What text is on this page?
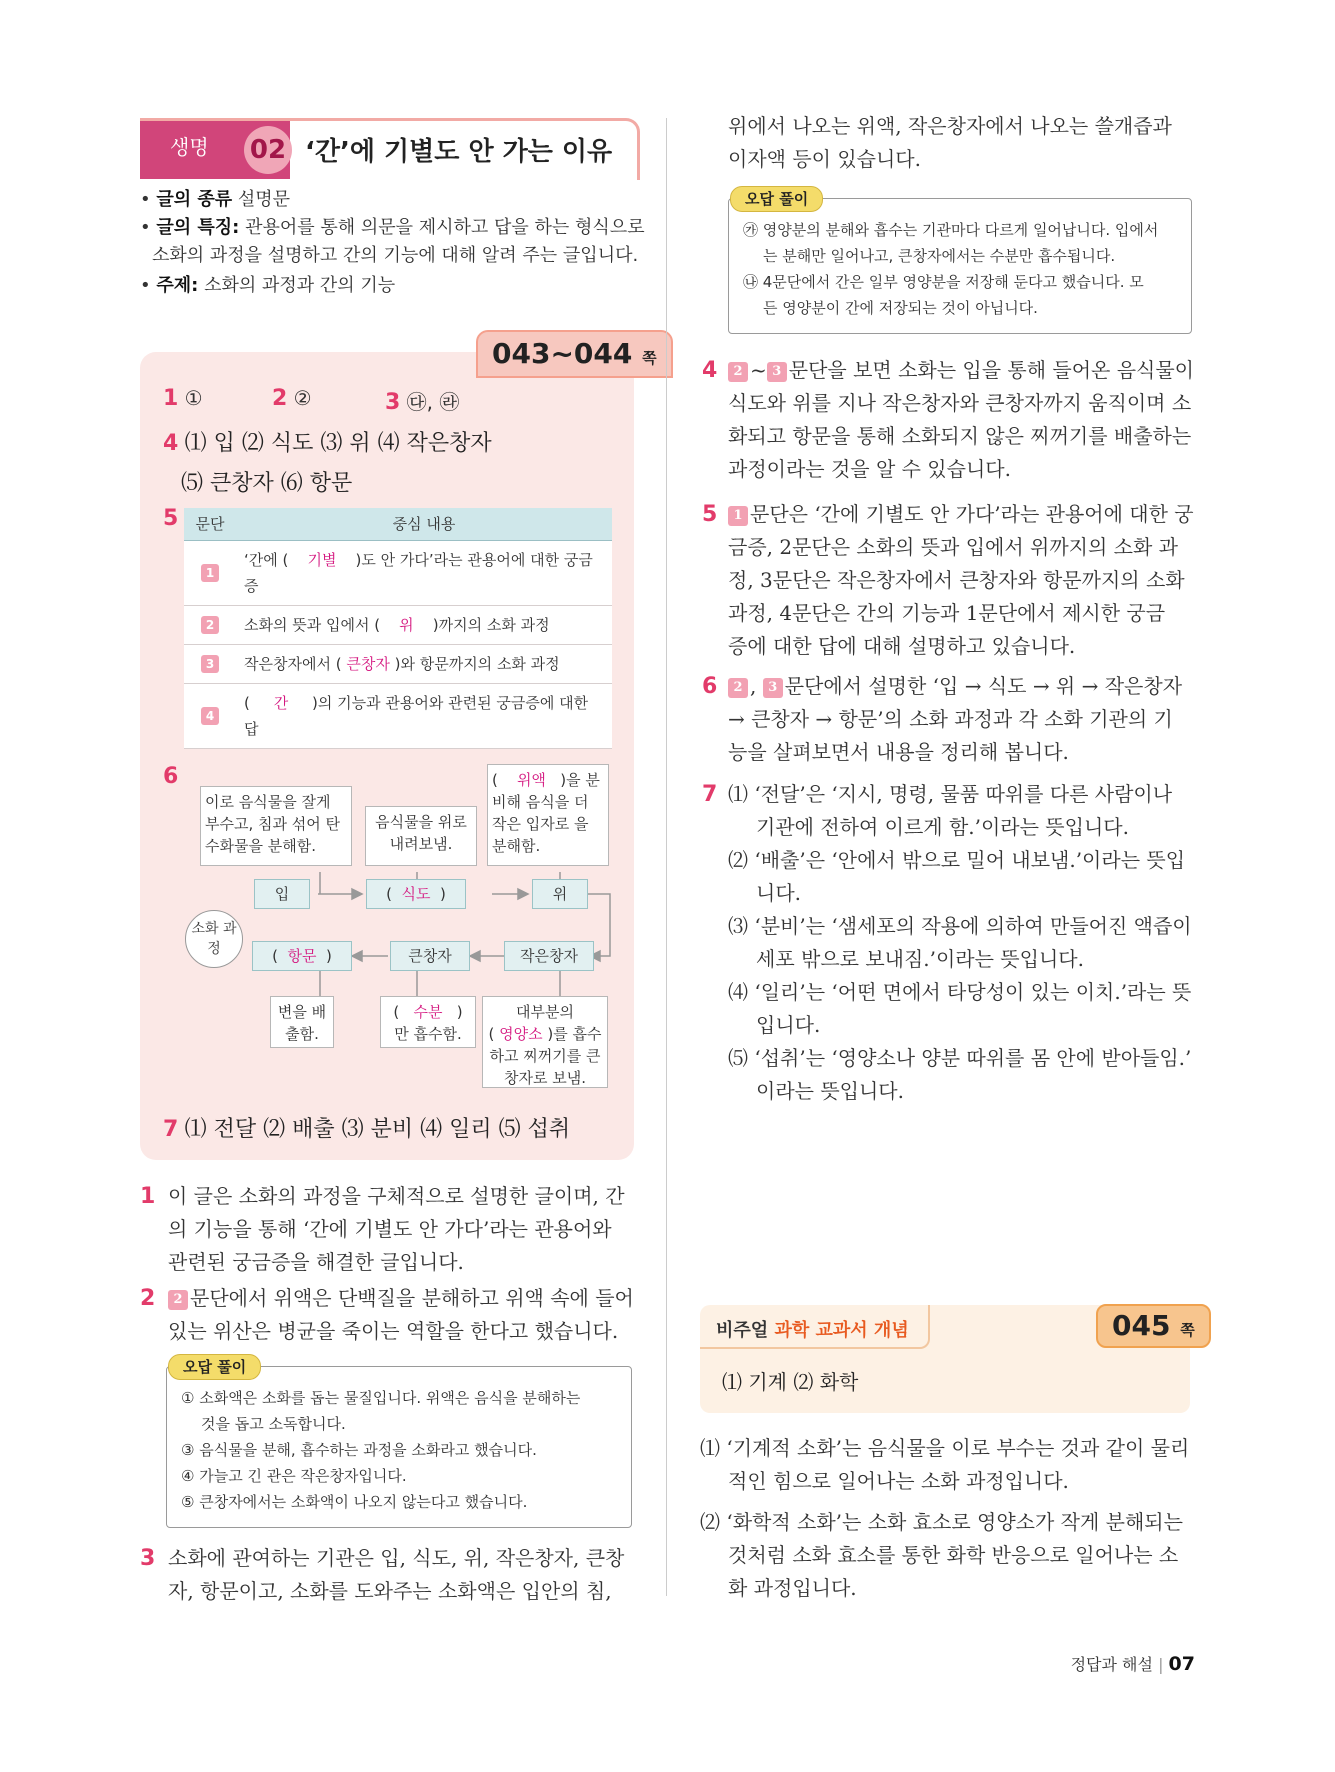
생명	02 ‘간’에 기별도 안 가는 이유
• 글의 종류 설명문
• 글의 특징: 관용어를 통해 의문을 제시하고 답을 하는 형식으로
소화의 과정을 설명하고 간의 기능에 대해 알려 주는 글입니다.
• 주제: 소화의 과정과 간의 기능
043~044 쪽
1 ①	2 ②	3 ㉰, ㉱
4 ⑴ 입 ⑵ 식도 ⑶ 위 ⑷ 작은창자
⑸ 큰창자 ⑹ 항문
5 문단	중심 내용
1	‘간에 ( 기별 )도 안 가다’라는 관용어에 대한 궁금증
2	소화의 뜻과 입에서 ( 위 )까지의 소화 과정
3	작은창자에서 ( 큰창자 )와 항문까지의 소화 과정
4	( 간 )의 기능과 관용어와 관련된 궁금증에 대한 답
6
이로 음식물을 잘게 부수고, 침과 섞어 탄수화물을 분해함.
음식물을 위로 내려보냄.
(    위액 )을 분비해 음식을 더 작은 입자로 을 분해함.
입	(  식도  )	위
소화 과정	(  항문  )	큰창자	작은창자
변을 배출함.
(   수분   )
만 흡수함.
대부분의
( 영양소 )를 흡수하고 찌꺼기를 큰창자로 보냄.
7 ⑴ 전달 ⑵ 배출 ⑶ 분비 ⑷ 일리 ⑸ 섭취
1 이 글은 소화의 과정을 구체적으로 설명한 글이며, 간
의 기능을 통해 ‘간에 기별도 안 가다’라는 관용어와
관련된 궁금증을 해결한 글입니다.
2	2 문단에서 위액은 단백질을 분해하고 위액 속에 들어
있는 위산은 병균을 죽이는 역할을 한다고 했습니다.
① 소화액은 소화를 돕는 물질입니다. 위액은 음식을 분해하는
것을 돕고 소독합니다.
③ 음식물을 분해, 흡수하는 과정을 소화라고 했습니다.
④ 가늘고 긴 관은 작은창자입니다.
⑤ 큰창자에서는 소화액이 나오지 않는다고 했습니다.
오답 풀이
3 소화에 관여하는 기관은 입, 식도, 위, 작은창자, 큰창
자, 항문이고, 소화를 도와주는 소화액은 입안의 침,
위에서 나오는 위액, 작은창자에서 나오는 쓸개즙과
이자액 등이 있습니다.
㉮ 영양분의 분해와 흡수는 기관마다 다르게 일어납니다. 입에서
는 분해만 일어나고, 큰창자에서는 수분만 흡수됩니다.
㉯ 4문단에서 간은 일부 영양분을 저장해 둔다고 했습니다. 모
든 영양분이 간에 저장되는 것이 아닙니다.
오답 풀이
4	2 ~ 3 문단을 보면 소화는 입을 통해 들어온 음식물이
식도와 위를 지나 작은창자와 큰창자까지 움직이며 소
화되고 항문을 통해 소화되지 않은 찌꺼기를 배출하는
과정이라는 것을 알 수 있습니다.
5	1 문단은 ‘간에 기별도 안 가다’라는 관용어에 대한 궁
금증, 2문단은 소화의 뜻과 입에서 위까지의 소화 과
정, 3문단은 작은창자에서 큰창자와 항문까지의 소화
과정, 4문단은 간의 기능과 1문단에서 제시한 궁금
증에 대한 답에 대해 설명하고 있습니다.
6	2 , 3 문단에서 설명한 ‘입 → 식도 → 위 → 작은창자
→ 큰창자 → 항문’의 소화 과정과 각 소화 기관의 기
능을 살펴보면서 내용을 정리해 봅니다.
7 ⑴ ‘전달’은 ‘지시, 명령, 물품 따위를 다른 사람이나
기관에 전하여 이르게 함.’이라는 뜻입니다.
⑵ ‘배출’은 ‘안에서 밖으로 밀어 내보냄.’이라는 뜻입
니다.
⑶ ‘분비’는 ‘샘세포의 작용에 의하여 만들어진 액즙이
세포 밖으로 보내짐.’이라는 뜻입니다.
⑷ ‘일리’는 ‘어떤 면에서 타당성이 있는 이치.’라는 뜻
입니다.
⑸ ‘섭취’는 ‘영양소나 양분 따위를 몸 안에 받아들임.’
이라는 뜻입니다.
비주얼 과학 교과서 개념	045 쪽
⑴ 기계 ⑵ 화학
⑴ ‘기계적 소화’는 음식물을 이로 부수는 것과 같이 물리
적인 힘으로 일어나는 소화 과정입니다.
⑵ ‘화학적 소화’는 소화 효소로 영양소가 작게 분해되는
것처럼 소화 효소를 통한 화학 반응으로 일어나는 소
화 과정입니다.
정답과 해설 | 07
